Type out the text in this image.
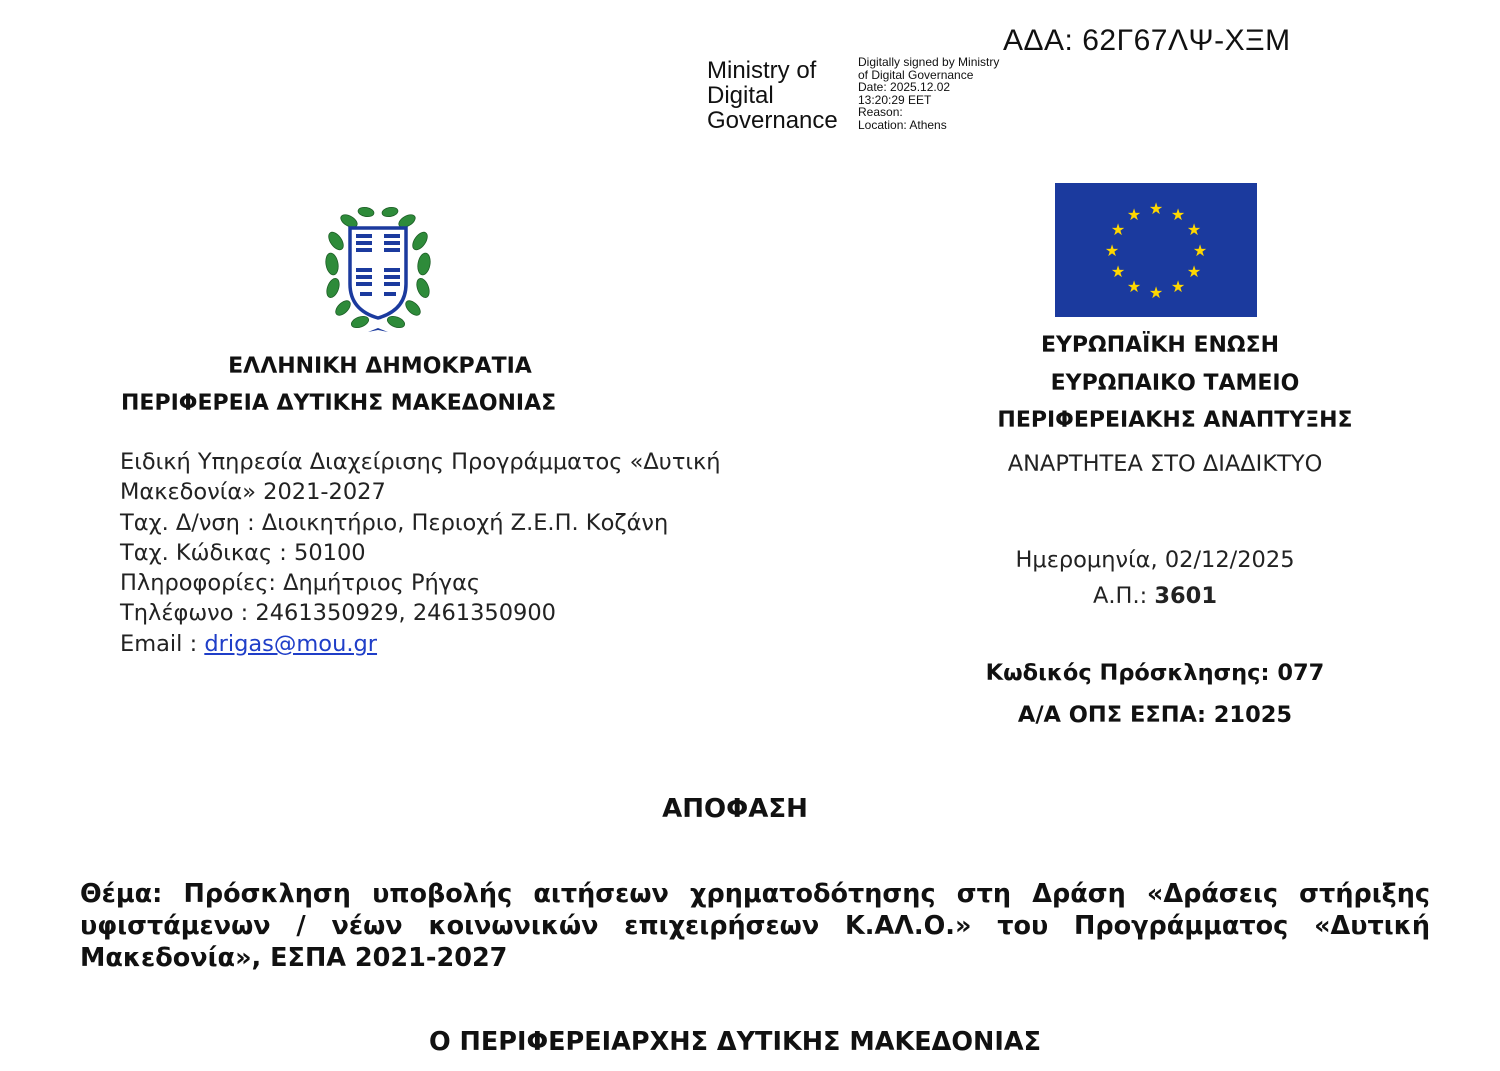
ΑΔΑ: 62Γ67ΛΨ-ΧΞΜ
Ministry of
Digital
Governance
Digitally signed by Ministry
of Digital Governance
Date: 2025.12.02
13:20:29 EET
Reason:
Location: Athens
★ ★
★
★
★
★
★
★
★
★
★
★
ΕΛΛΗΝΙΚΗ ΔΗΜΟΚΡΑΤΙΑ
ΠΕΡΙΦΕΡΕΙΑ ΔΥΤΙΚΗΣ ΜΑΚΕΔΟΝΙΑΣ
Ειδική Υπηρεσία Διαχείρισης Προγράμματος «Δυτική
Μακεδονία» 2021-2027
Ταχ. Δ/νση : Διοικητήριο, Περιοχή Ζ.Ε.Π. Κοζάνη
Ταχ. Κώδικας : 50100
Πληροφορίες: Δημήτριος Ρήγας
Τηλέφωνο : 2461350929, 2461350900
Email : drigas@mou.gr
ΕΥΡΩΠΑΪΚΗ ΕΝΩΣΗ
ΕΥΡΩΠΑΙΚΟ ΤΑΜΕΙΟ
ΠΕΡΙΦΕΡΕΙΑΚΗΣ ΑΝΑΠΤΥΞΗΣ
ΑΝΑΡΤΗΤΕΑ ΣΤΟ ΔΙΑΔΙΚΤΥΟ
Ημερομηνία, 02/12/2025
Α.Π.: 3601
Κωδικός Πρόσκλησης: 077
Α/Α ΟΠΣ ΕΣΠΑ: 21025
ΑΠΟΦΑΣΗ
Θέμα: Πρόσκληση υποβολής αιτήσεων χρηματοδότησης στη Δράση «Δράσεις στήριξης υφιστάμενων / νέων κοινωνικών επιχειρήσεων Κ.ΑΛ.Ο.» του Προγράμματος «Δυτική Μακεδονία», ΕΣΠΑ 2021-2027
Ο ΠΕΡΙΦΕΡΕΙΑΡΧΗΣ ΔΥΤΙΚΗΣ ΜΑΚΕΔΟΝΙΑΣ
